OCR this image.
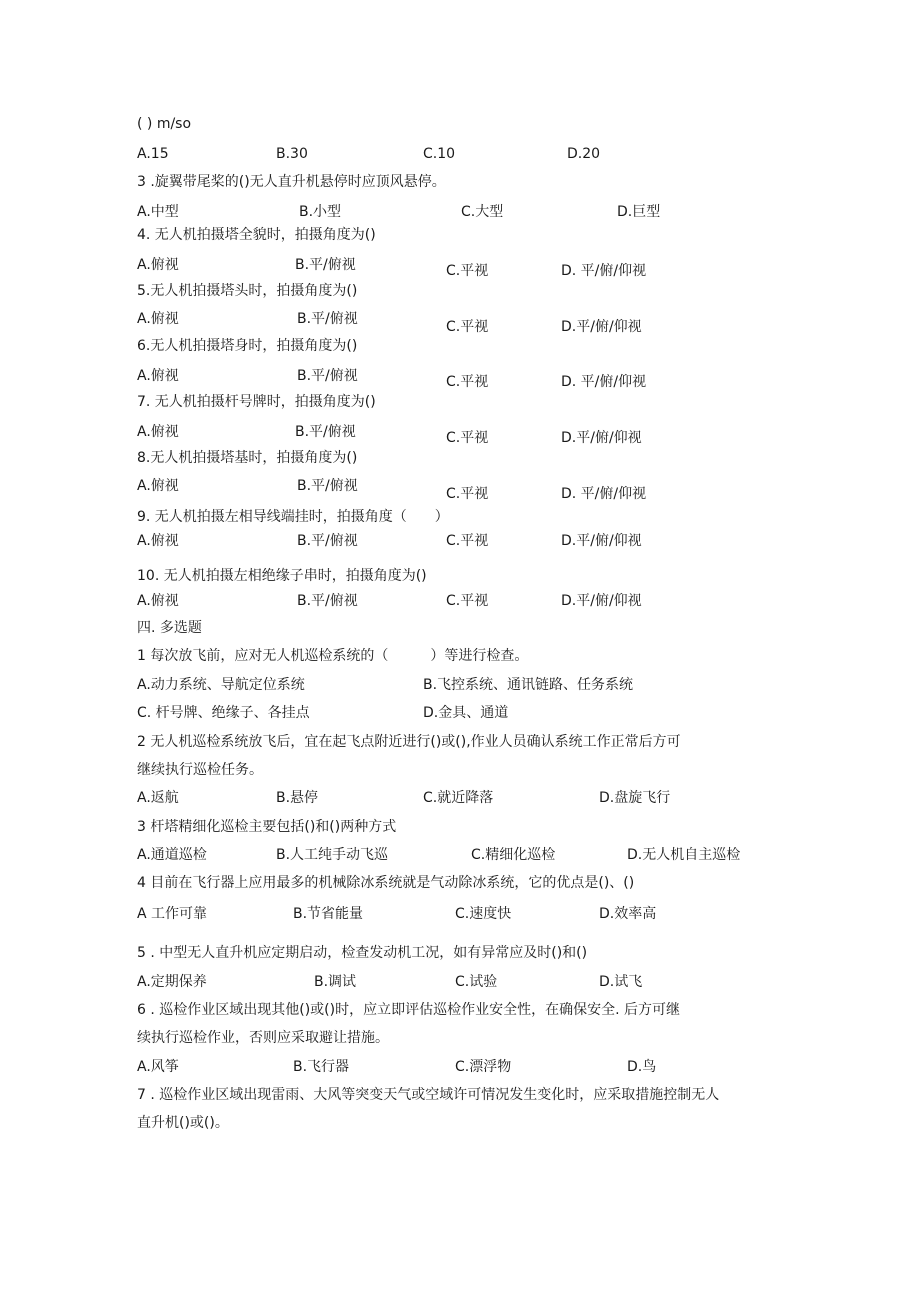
( ) m/so
A.15	B.30	C.10	D.20
3 .旋翼带尾桨的()无人直升机悬停时应顶风悬停。
A.中型	B.小型	C.大型	D.巨型
4. 无人机拍摄塔全貌时，拍摄角度为()
A.俯视	B.平/俯视	C.平视	D. 平/俯/仰视
5.无人机拍摄塔头时，拍摄角度为()
A.俯视	B.平/俯视	C.平视	D.平/俯/仰视
6.无人机拍摄塔身时，拍摄角度为()
A.俯视	B.平/俯视	C.平视	D. 平/俯/仰视
7. 无人机拍摄杆号牌时，拍摄角度为()
A.俯视	B.平/俯视	C.平视	D.平/俯/仰视
8.无人机拍摄塔基时，拍摄角度为()
A.俯视	B.平/俯视	C.平视	D. 平/俯/仰视
9. 无人机拍摄左相导线端挂时，拍摄角度（　　）
A.俯视	B.平/俯视	C.平视	D.平/俯/仰视
10. 无人机拍摄左相绝缘子串时，拍摄角度为()
A.俯视	B.平/俯视	C.平视	D.平/俯/仰视
四. 多选题
1 每次放飞前，应对无人机巡检系统的（　　　）等进行检查。
A.动力系统、导航定位系统	B.飞控系统、通讯链路、任务系统
C. 杆号牌、绝缘子、各挂点	D.金具、通道
2 无人机巡检系统放飞后，宜在起飞点附近进行()或(),作业人员确认系统工作正常后方可
继续执行巡检任务。
A.返航	B.悬停	C.就近降落	D.盘旋飞行
3 杆塔精细化巡检主要包括()和()两种方式
A.通道巡检	B.人工纯手动飞巡	C.精细化巡检	D.无人机自主巡检
4 目前在飞行器上应用最多的机械除冰系统就是气动除冰系统，它的优点是()、()
A 工作可靠	B.节省能量	C.速度快	D.效率高
5 . 中型无人直升机应定期启动，检查发动机工况，如有异常应及时()和()
A.定期保养	B.调试	C.试验	D.试飞
6 . 巡检作业区域出现其他()或()时，应立即评估巡检作业安全性，在确保安全. 后方可继
续执行巡检作业，否则应采取避让措施。
A.风筝	B.飞行器	C.漂浮物	D.鸟
7 . 巡检作业区域出现雷雨、大风等突变天气或空域许可情况发生变化时，应采取措施控制无人
直升机()或()。
